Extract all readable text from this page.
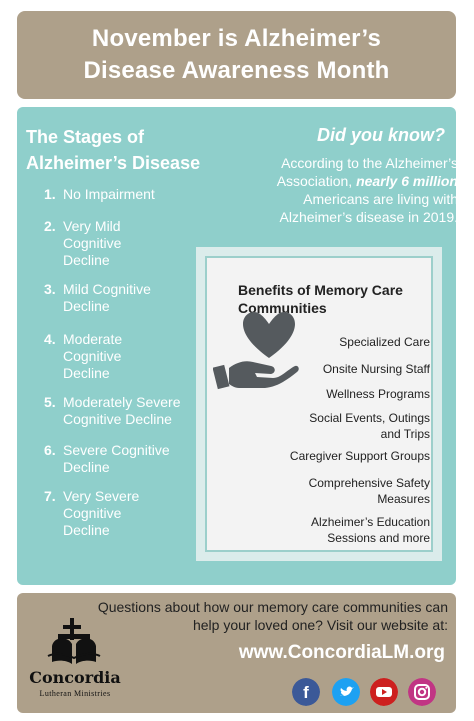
November is Alzheimer’s
Disease Awareness Month
The Stages of
Alzheimer’s Disease
1. No Impairment
2. Very Mild Cognitive Decline
3. Mild Cognitive Decline
4. Moderate Cognitive Decline
5. Moderately Severe Cognitive Decline
6. Severe Cognitive Decline
7. Very Severe Cognitive Decline
Did you know?
According to the Alzheimer’s Association, nearly 6 million Americans are living with Alzheimer’s disease in 2019.
Benefits of Memory Care Communities
Specialized Care
Onsite Nursing Staff
Wellness Programs
Social Events, Outings and Trips
Caregiver Support Groups
Comprehensive Safety Measures
Alzheimer’s Education Sessions and more
Concordia
Lutheran Ministries
Questions about how our memory care communities can help your loved one? Visit our website at:
www.ConcordiaLM.org
f
